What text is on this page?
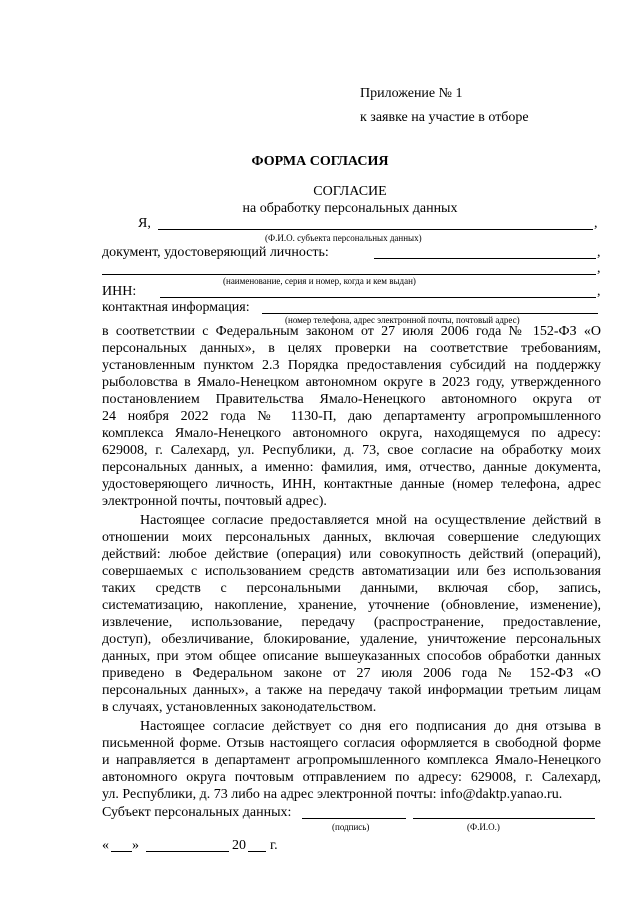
Приложение № 1
к заявке на участие в отборе
ФОРМА СОГЛАСИЯ
СОГЛАСИЕ
на обработку персональных данных
Я,	,
(Ф.И.О. субъекта персональных данных)
документ, удостоверяющий личность:	,
,
(наименование, серия и номер, когда и кем выдан)
ИНН:	,
контактная информация:
(номер телефона, адрес электронной почты, почтовый адрес)
в соответствии с Федеральным законом от 27 июля 2006 года № 152-ФЗ «О
персональных данных», в целях проверки на соответствие требованиям,
установленным пунктом 2.3 Порядка предоставления субсидий на поддержку
рыболовства в Ямало-Ненецком автономном округе в 2023 году, утвержденного
постановлением Правительства Ямало-Ненецкого автономного округа от
24 ноября 2022 года № 1130-П, даю департаменту агропромышленного
комплекса Ямало-Ненецкого автономного округа, находящемуся по адресу:
629008, г. Салехард, ул. Республики, д. 73, свое согласие на обработку моих
персональных данных, а именно: фамилия, имя, отчество, данные документа,
удостоверяющего личность, ИНН, контактные данные (номер телефона, адрес
электронной почты, почтовый адрес).
Настоящее согласие предоставляется мной на осуществление действий в
отношении моих персональных данных, включая совершение следующих
действий: любое действие (операция) или совокупность действий (операций),
совершаемых с использованием средств автоматизации или без использования
таких средств с персональными данными, включая сбор, запись,
систематизацию, накопление, хранение, уточнение (обновление, изменение),
извлечение, использование, передачу (распространение, предоставление,
доступ), обезличивание, блокирование, удаление, уничтожение персональных
данных, при этом общее описание вышеуказанных способов обработки данных
приведено в Федеральном законе от 27 июля 2006 года № 152-ФЗ «О
персональных данных», а также на передачу такой информации третьим лицам
в случаях, установленных законодательством.
Настоящее согласие действует со дня его подписания до дня отзыва в
письменной форме. Отзыв настоящего согласия оформляется в свободной форме
и направляется в департамент агропромышленного комплекса Ямало-Ненецкого
автономного округа почтовым отправлением по адресу: 629008, г. Салехард,
ул. Республики, д. 73 либо на адрес электронной почты: info@daktp.yanao.ru.
Субъект персональных данных:
(подпись)	(Ф.И.О.)
« »	20 г.
